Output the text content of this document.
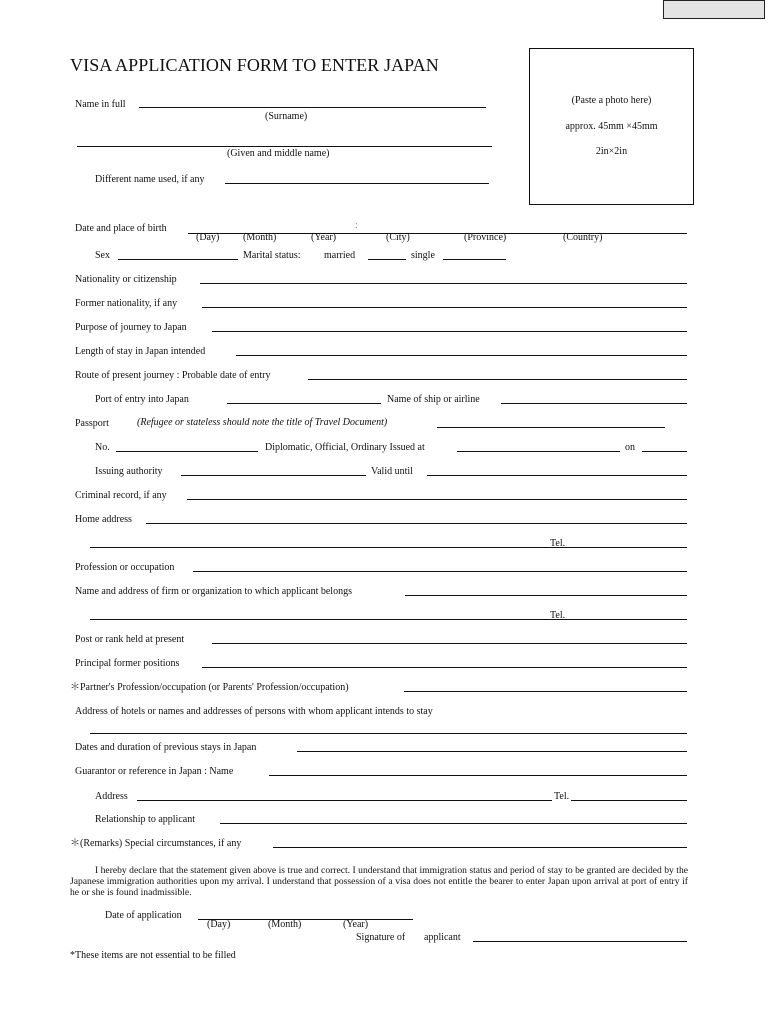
VISA APPLICATION FORM TO ENTER JAPAN
(Paste a photo here)
approx. 45mm ×45mm
2in×2in
Name in full
(Surname)
(Given and middle name)
Different name used, if any
Date and place of birth	:
(Day) (Month)	(Year)	(City)	(Province)	(Country)
Sex	Marital status: married	single
Nationality or citizenship
Former nationality, if any
Purpose of journey to Japan
Length of stay in Japan intended
Route of present journey : Probable date of entry
Port of entry into Japan	Name of ship or airline
Passport	(Refugee or stateless should note the title of Travel Document)
No.	Diplomatic, Official, Ordinary Issued at	on
Issuing authority	Valid until
Criminal record, if any
Home address
Tel.
Profession or occupation
Name and address of firm or organization to which applicant belongs
Tel.
Post or rank held at present
Principal former positions
＊Partner's Profession/occupation (or Parents' Profession/occupation)
Address of hotels or names and addresses of persons with whom applicant intends to stay
Dates and duration of previous stays in Japan
Guarantor or reference in Japan : Name
Address	Tel.
Relationship to applicant
＊(Remarks) Special circumstances, if any
I hereby declare that the statement given above is true and correct. I understand that immigration status and period of stay to be granted are decided by the Japanese immigration authorities upon my arrival. I understand that possession of a visa does not entitle the bearer to enter Japan upon arrival at port of entry if he or she is found inadmissible.
Date of application
(Day)	(Month)	(Year)
Signature of applicant
*These items are not essential to be filled
